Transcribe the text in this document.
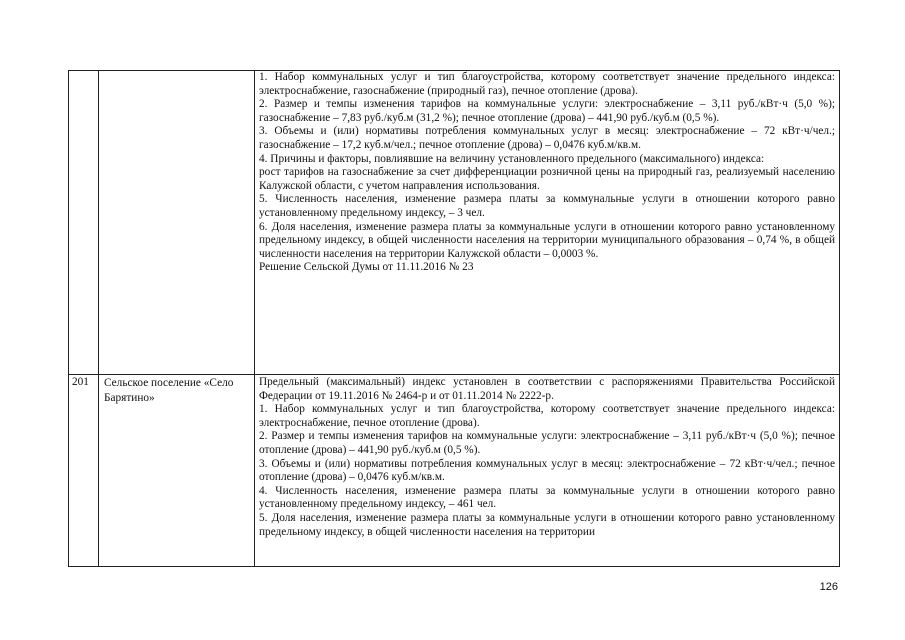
1. Набор коммунальных услуг и тип благоустройства, которому соответствует значение предельного индекса: электроснабжение, газоснабжение (природный газ), печное отопление (дрова).

2. Размер и темпы изменения тарифов на коммунальные услуги: электроснабжение – 3,11 руб./кВт·ч (5,0 %); газоснабжение – 7,83 руб./куб.м (31,2 %); печное отопление (дрова) – 441,90 руб./куб.м (0,5 %).

3. Объемы и (или) нормативы потребления коммунальных услуг в месяц: электроснабжение – 72 кВт·ч/чел.; газоснабжение – 17,2 куб.м/чел.; печное отопление (дрова) – 0,0476 куб.м/кв.м.

4. Причины и факторы, повлиявшие на величину установленного предельного (максимального) индекса:

рост тарифов на газоснабжение за счет дифференциации розничной цены на природный газ, реализуемый населению Калужской области, с учетом направления использования.

5. Численность населения, изменение размера платы за коммунальные услуги в отношении которого равно установленному предельному индексу, – 3 чел.

6. Доля населения, изменение размера платы за коммунальные услуги в отношении которого равно установленному предельному индексу, в общей численности населения на территории муниципального образования – 0,74 %, в общей численности населения на территории Калужской области – 0,0003 %.

Решение Сельской Думы от 11.11.2016 № 23

201	Сельское поселение «Село Барятино»

Предельный (максимальный) индекс установлен в соответствии с распоряжениями Правительства Российской Федерации от 19.11.2016 № 2464-р и от 01.11.2014 № 2222-р.

1. Набор коммунальных услуг и тип благоустройства, которому соответствует значение предельного индекса: электроснабжение, печное отопление (дрова).

2. Размер и темпы изменения тарифов на коммунальные услуги: электроснабжение – 3,11 руб./кВт·ч (5,0 %); печное отопление (дрова) – 441,90 руб./куб.м (0,5 %).

3. Объемы и (или) нормативы потребления коммунальных услуг в месяц: электроснабжение – 72 кВт·ч/чел.; печное отопление (дрова) – 0,0476 куб.м/кв.м.

4. Численность населения, изменение размера платы за коммунальные услуги в отношении которого равно установленному предельному индексу, – 461 чел.

5. Доля населения, изменение размера платы за коммунальные услуги в отношении которого равно установленному предельному индексу, в общей численности населения на территории

126
